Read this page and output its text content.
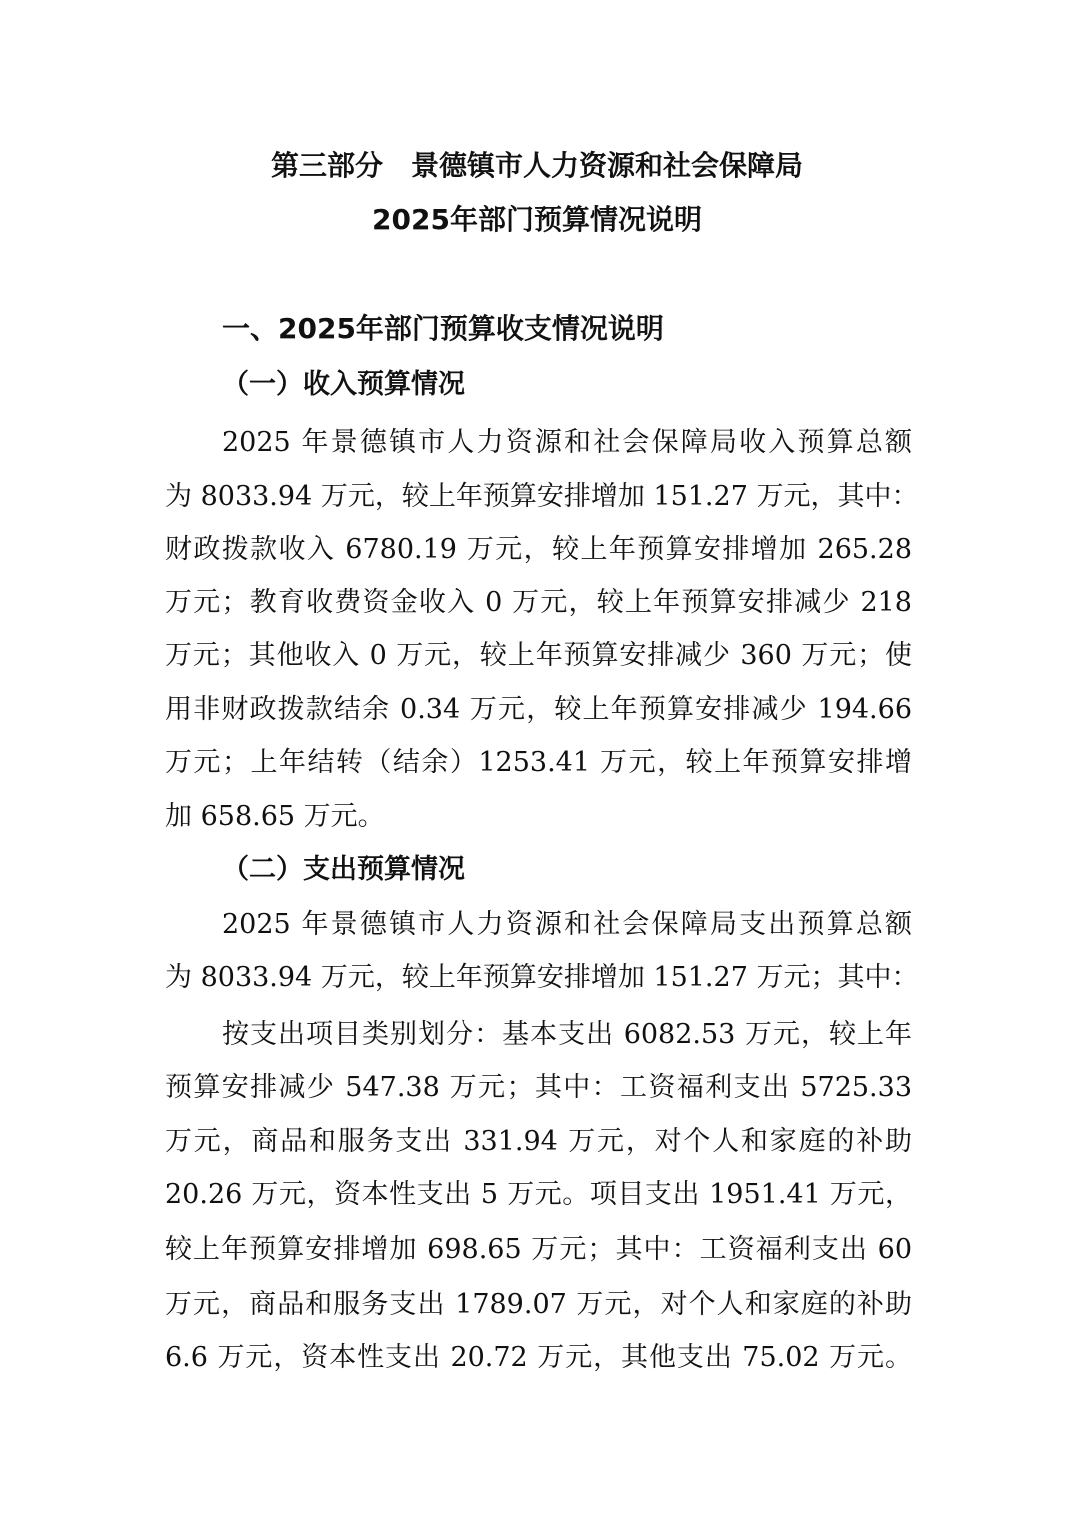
第三部分　景德镇市人力资源和社会保障局
2025年部门预算情况说明
一、2025年部门预算收支情况说明
（一）收入预算情况
2025 年景德镇市人力资源和社会保障局收入预算总额
为 8033.94 万元，较上年预算安排增加 151.27 万元，其中：
财政拨款收入 6780.19 万元，较上年预算安排增加 265.28
万元；教育收费资金收入 0 万元，较上年预算安排减少 218
万元；其他收入 0 万元，较上年预算安排减少 360 万元；使
用非财政拨款结余 0.34 万元，较上年预算安排减少 194.66
万元；上年结转（结余）1253.41 万元，较上年预算安排增
加 658.65 万元。
（二）支出预算情况
2025 年景德镇市人力资源和社会保障局支出预算总额
为 8033.94 万元，较上年预算安排增加 151.27 万元；其中：
按支出项目类别划分：基本支出 6082.53 万元，较上年
预算安排减少 547.38 万元；其中：工资福利支出 5725.33
万元，商品和服务支出 331.94 万元，对个人和家庭的补助
20.26 万元，资本性支出 5 万元。项目支出 1951.41 万元，
较上年预算安排增加 698.65 万元；其中：工资福利支出 60
万元，商品和服务支出 1789.07 万元，对个人和家庭的补助
6.6 万元，资本性支出 20.72 万元，其他支出 75.02 万元。
